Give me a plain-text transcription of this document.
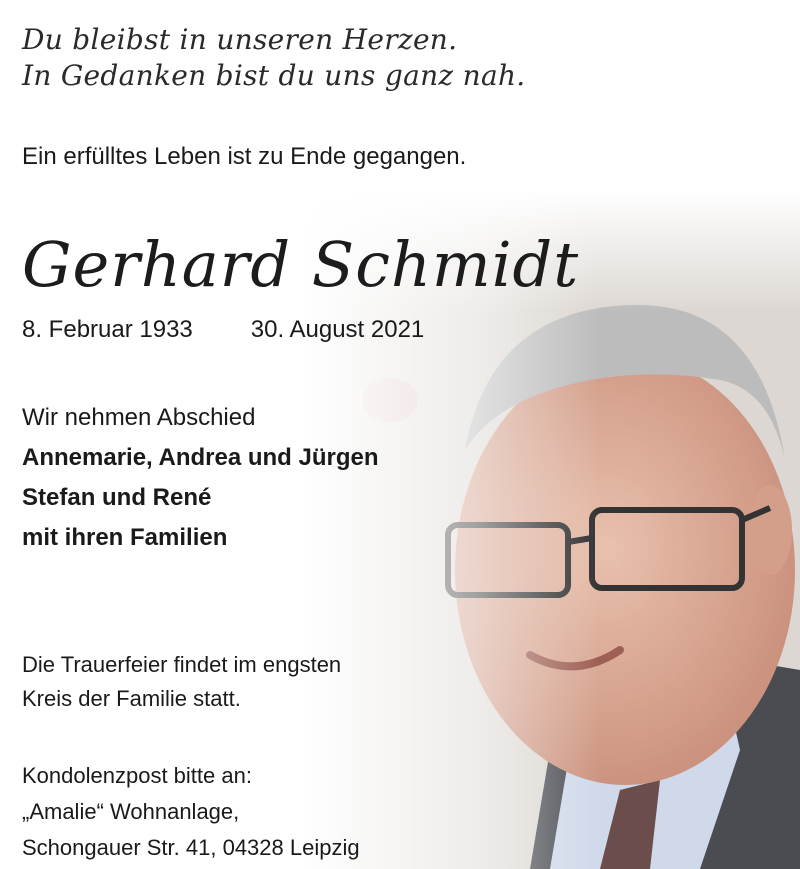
Du bleibst in unseren Herzen.
In Gedanken bist du uns ganz nah.
Ein erfülltes Leben ist zu Ende gegangen.
Gerhard Schmidt
8. Februar 1933 30. August 2021
Wir nehmen Abschied
Annemarie, Andrea und Jürgen
Stefan und René
mit ihren Familien
Die Trauerfeier findet im engsten
Kreis der Familie statt.
Kondolenzpost bitte an:
„Amalie“ Wohnanlage,
Schongauer Str. 41, 04328 Leipzig
